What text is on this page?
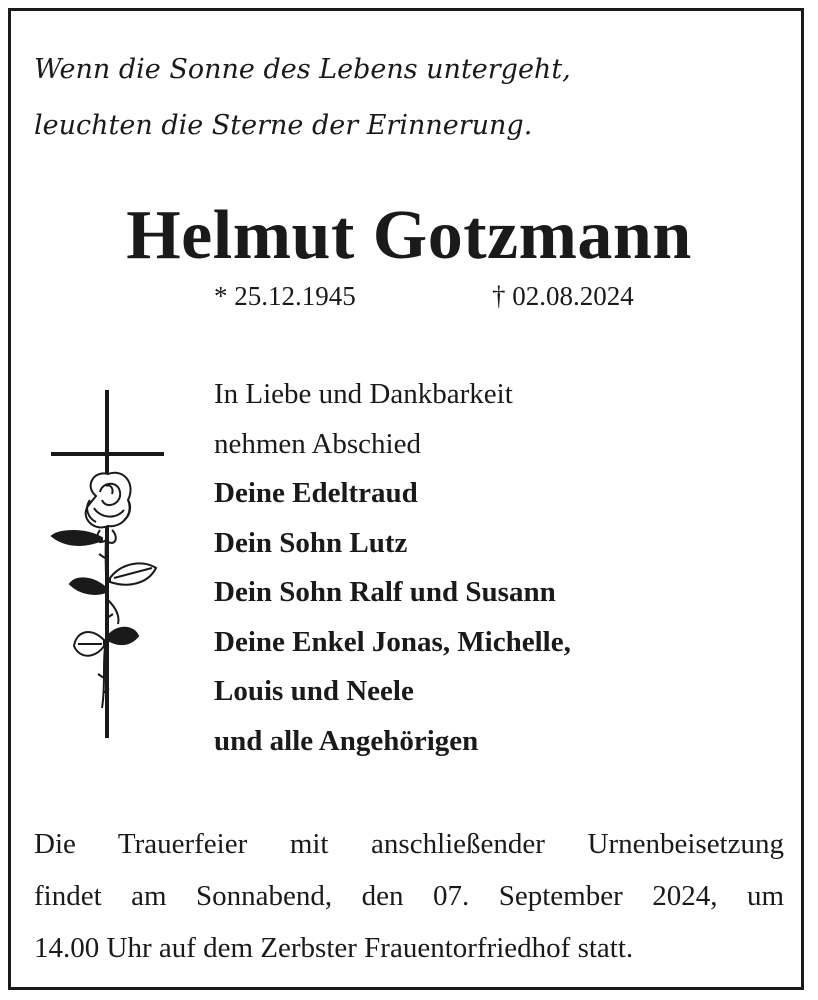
Wenn die Sonne des Lebens untergeht,
leuchten die Sterne der Erinnerung.
Helmut Gotzmann
* 25.12.1945	† 02.08.2024
In Liebe und Dankbarkeit
nehmen Abschied
Deine Edeltraud
Dein Sohn Lutz
Dein Sohn Ralf und Susann
Deine Enkel Jonas, Michelle,
Louis und Neele
und alle Angehörigen
Die Trauerfeier mit anschließender Urnenbeisetzung
findet am Sonnabend, den 07. September 2024, um
14.00 Uhr auf dem Zerbster Frauentorfriedhof statt.
